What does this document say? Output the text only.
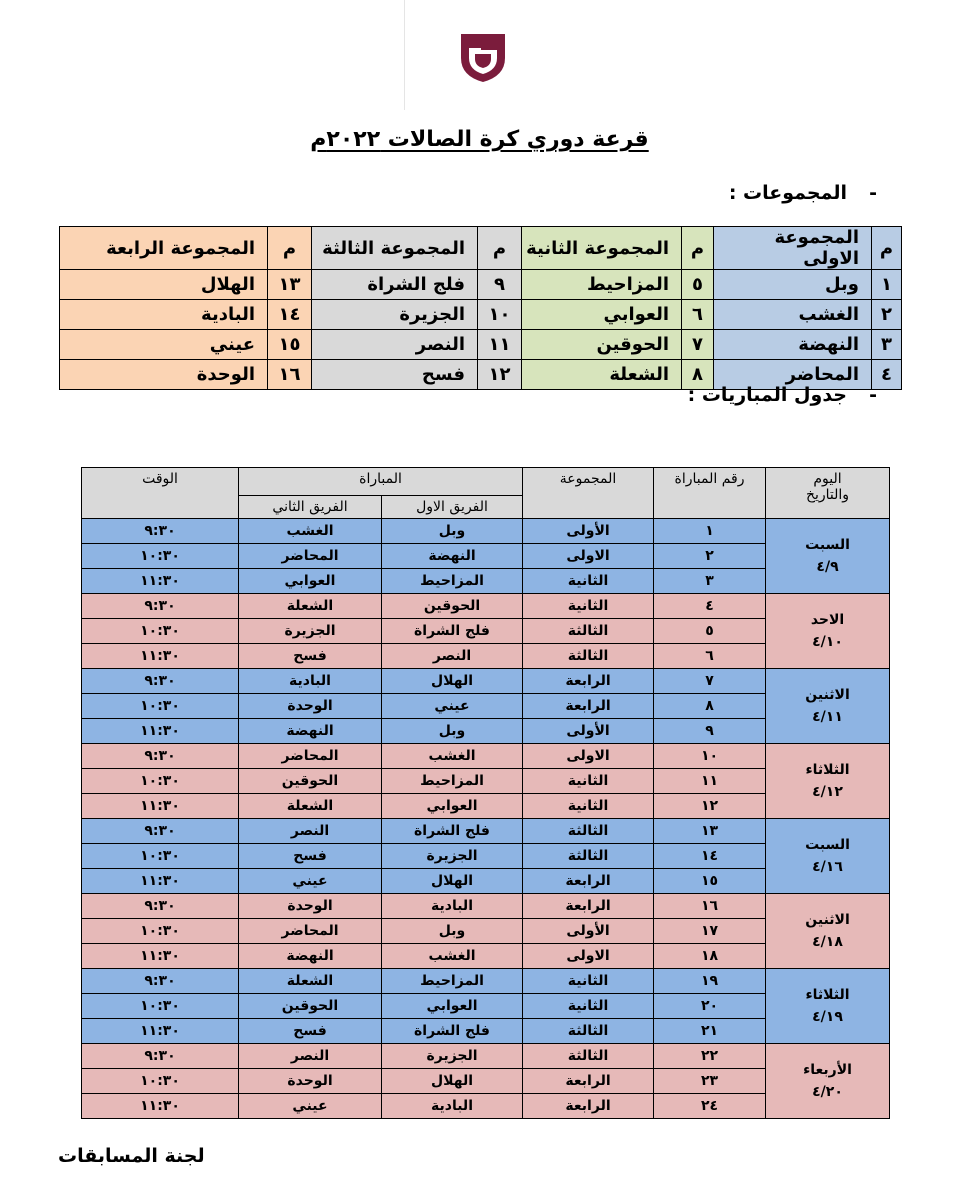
قرعة دوري كرة الصالات ٢٠٢٢م
-المجموعات :
م	المجموعة الاولى	م	المجموعة الثانية	م	المجموعة الثالثة	م	المجموعة الرابعة
١	وبل	٥	المزاحيط	٩	فلج الشراة	١٣	الهلال
٢	الغشب	٦	العوابي	١٠	الجزيرة	١٤	البادية
٣	النهضة	٧	الحوقين	١١	النصر	١٥	عيني
٤	المحاضر	٨	الشعلة	١٢	فسح	١٦	الوحدة
-جدول المباريات :
اليوم
والتاريخ	رقم المباراة	المجموعة	المباراة		الوقت
			الفريق الاول	الفريق الثاني	
السبت
٤/٩	١	الأولى	وبل	الغشب	٩:٣٠
	٢	الاولى	النهضة	المحاضر	١٠:٣٠
	٣	الثانية	المزاحيط	العوابي	١١:٣٠
الاحد
٤/١٠	٤	الثانية	الحوقين	الشعلة	٩:٣٠
	٥	الثالثة	فلج الشراة	الجزيرة	١٠:٣٠
	٦	الثالثة	النصر	فسح	١١:٣٠
الاثنين
٤/١١	٧	الرابعة	الهلال	البادية	٩:٣٠
	٨	الرابعة	عيني	الوحدة	١٠:٣٠
	٩	الأولى	وبل	النهضة	١١:٣٠
الثلاثاء
٤/١٢	١٠	الاولى	الغشب	المحاضر	٩:٣٠
	١١	الثانية	المزاحيط	الحوقين	١٠:٣٠
	١٢	الثانية	العوابي	الشعلة	١١:٣٠
السبت
٤/١٦	١٣	الثالثة	فلج الشراة	النصر	٩:٣٠
	١٤	الثالثة	الجزيرة	فسح	١٠:٣٠
	١٥	الرابعة	الهلال	عيني	١١:٣٠
الاثنين
٤/١٨	١٦	الرابعة	البادية	الوحدة	٩:٣٠
	١٧	الأولى	وبل	المحاضر	١٠:٣٠
	١٨	الاولى	الغشب	النهضة	١١:٣٠
الثلاثاء
٤/١٩	١٩	الثانية	المزاحيط	الشعلة	٩:٣٠
	٢٠	الثانية	العوابي	الحوقين	١٠:٣٠
	٢١	الثالثة	فلج الشراة	فسح	١١:٣٠
الأربعاء
٤/٢٠	٢٢	الثالثة	الجزيرة	النصر	٩:٣٠
	٢٣	الرابعة	الهلال	الوحدة	١٠:٣٠
	٢٤	الرابعة	البادية	عيني	١١:٣٠
لجنة المسابقات
